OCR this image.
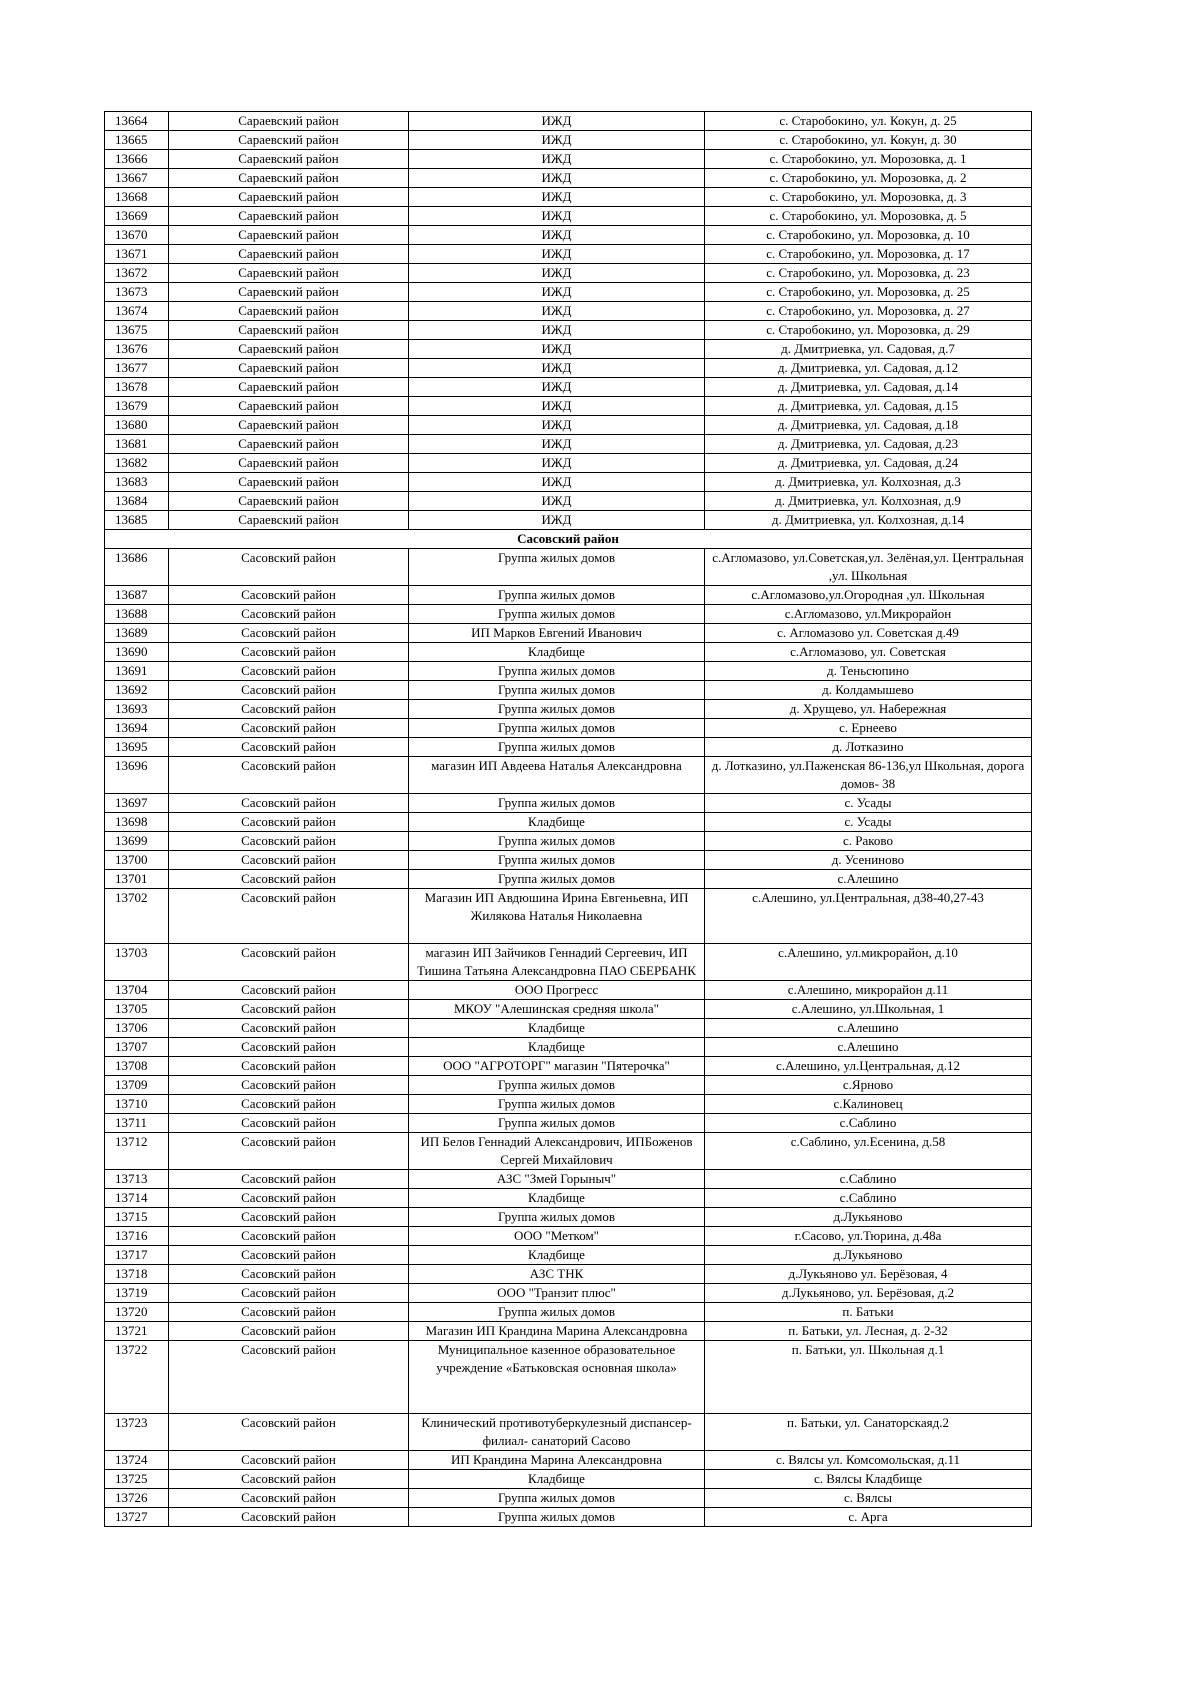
13664	Сараевский район	ИЖД	с. Старобокино, ул. Кокун, д. 25
13665	Сараевский район	ИЖД	с. Старобокино, ул. Кокун, д. 30
13666	Сараевский район	ИЖД	с. Старобокино, ул. Морозовка, д. 1
13667	Сараевский район	ИЖД	с. Старобокино, ул. Морозовка, д. 2
13668	Сараевский район	ИЖД	с. Старобокино, ул. Морозовка, д. 3
13669	Сараевский район	ИЖД	с. Старобокино, ул. Морозовка, д. 5
13670	Сараевский район	ИЖД	с. Старобокино, ул. Морозовка, д. 10
13671	Сараевский район	ИЖД	с. Старобокино, ул. Морозовка, д. 17
13672	Сараевский район	ИЖД	с. Старобокино, ул. Морозовка, д. 23
13673	Сараевский район	ИЖД	с. Старобокино, ул. Морозовка, д. 25
13674	Сараевский район	ИЖД	с. Старобокино, ул. Морозовка, д. 27
13675	Сараевский район	ИЖД	с. Старобокино, ул. Морозовка, д. 29
13676	Сараевский район	ИЖД	д. Дмитриевка, ул. Садовая, д.7
13677	Сараевский район	ИЖД	д. Дмитриевка, ул. Садовая, д.12
13678	Сараевский район	ИЖД	д. Дмитриевка, ул. Садовая, д.14
13679	Сараевский район	ИЖД	д. Дмитриевка, ул. Садовая, д.15
13680	Сараевский район	ИЖД	д. Дмитриевка, ул. Садовая, д.18
13681	Сараевский район	ИЖД	д. Дмитриевка, ул. Садовая, д.23
13682	Сараевский район	ИЖД	д. Дмитриевка, ул. Садовая, д.24
13683	Сараевский район	ИЖД	д. Дмитриевка, ул. Колхозная, д.3
13684	Сараевский район	ИЖД	д. Дмитриевка, ул. Колхозная, д.9
13685	Сараевский район	ИЖД	д. Дмитриевка, ул. Колхозная, д.14
Сасовский район			
13686	Сасовский район	Группа жилых домов	с.Агломазово, ул.Советская,ул. Зелёная,ул. Центральная ,ул. Школьная
13687	Сасовский район	Группа жилых домов	с.Агломазово,ул.Огородная ,ул. Школьная
13688	Сасовский район	Группа жилых домов	с.Агломазово, ул.Микрорайон
13689	Сасовский район	ИП Марков Евгений Иванович	с. Агломазово ул. Советская д.49
13690	Сасовский район	Кладбище	с.Агломазово, ул. Советская
13691	Сасовский район	Группа жилых домов	д. Теньсюпино
13692	Сасовский район	Группа жилых домов	д. Колдамышево
13693	Сасовский район	Группа жилых домов	д. Хрущево, ул. Набережная
13694	Сасовский район	Группа жилых домов	с. Ернеево
13695	Сасовский район	Группа жилых домов	д. Лотказино
13696	Сасовский район	магазин ИП Авдеева Наталья Александровна	д. Лотказино, ул.Паженская 86-136,ул Школьная, дорога домов- 38
13697	Сасовский район	Группа жилых домов	с. Усады
13698	Сасовский район	Кладбище	с. Усады
13699	Сасовский район	Группа жилых домов	с. Раково
13700	Сасовский район	Группа жилых домов	д. Усениново
13701	Сасовский район	Группа жилых домов	с.Алешино
13702	Сасовский район	Магазин ИП Авдюшина Ирина Евгеньевна, ИП Жилякова Наталья Николаевна	с.Алешино, ул.Центральная, д38-40,27-43
13703	Сасовский район	магазин ИП Зайчиков Геннадий Сергеевич, ИП Тишина Татьяна Александровна ПАО СБЕРБАНК	с.Алешино, ул.микрорайон, д.10
13704	Сасовский район	ООО Прогресс	с.Алешино, микрорайон д.11
13705	Сасовский район	МКОУ "Алешинская средняя школа"	с.Алешино, ул.Школьная, 1
13706	Сасовский район	Кладбище	с.Алешино
13707	Сасовский район	Кладбище	с.Алешино
13708	Сасовский район	ООО "АГРОТОРГ" магазин "Пятерочка"	с.Алешино, ул.Центральная, д.12
13709	Сасовский район	Группа жилых домов	с.Ярново
13710	Сасовский район	Группа жилых домов	с.Калиновец
13711	Сасовский район	Группа жилых домов	с.Саблино
13712	Сасовский район	ИП Белов Геннадий Александрович, ИПБоженов Сергей Михайлович	с.Саблино, ул.Есенина, д.58
13713	Сасовский район	АЗС "Змей Горыныч"	с.Саблино
13714	Сасовский район	Кладбище	с.Саблино
13715	Сасовский район	Группа жилых домов	д.Лукьяново
13716	Сасовский район	ООО "Метком"	г.Сасово, ул.Тюрина, д.48а
13717	Сасовский район	Кладбище	д.Лукьяново
13718	Сасовский район	АЗС ТНК	д.Лукьяново ул. Берёзовая, 4
13719	Сасовский район	ООО "Транзит плюс"	д.Лукьяново, ул. Берёзовая, д.2
13720	Сасовский район	Группа жилых домов	п. Батьки
13721	Сасовский район	Магазин ИП Крандина Марина Александровна	п. Батьки, ул. Лесная, д. 2-32
13722	Сасовский район	Муниципальное казенное образовательное учреждение «Батьковская основная школа»	п. Батьки, ул. Школьная д.1
13723	Сасовский район	Клинический противотуберкулезный диспансер- филиал- санаторий Сасово	п. Батьки, ул. Санаторскаяд.2
13724	Сасовский район	ИП Крандина Марина Александровна	с. Вялсы ул. Комсомольская, д.11
13725	Сасовский район	Кладбище	с. Вялсы Кладбище
13726	Сасовский район	Группа жилых домов	с. Вялсы
13727	Сасовский район	Группа жилых домов	с. Арга
